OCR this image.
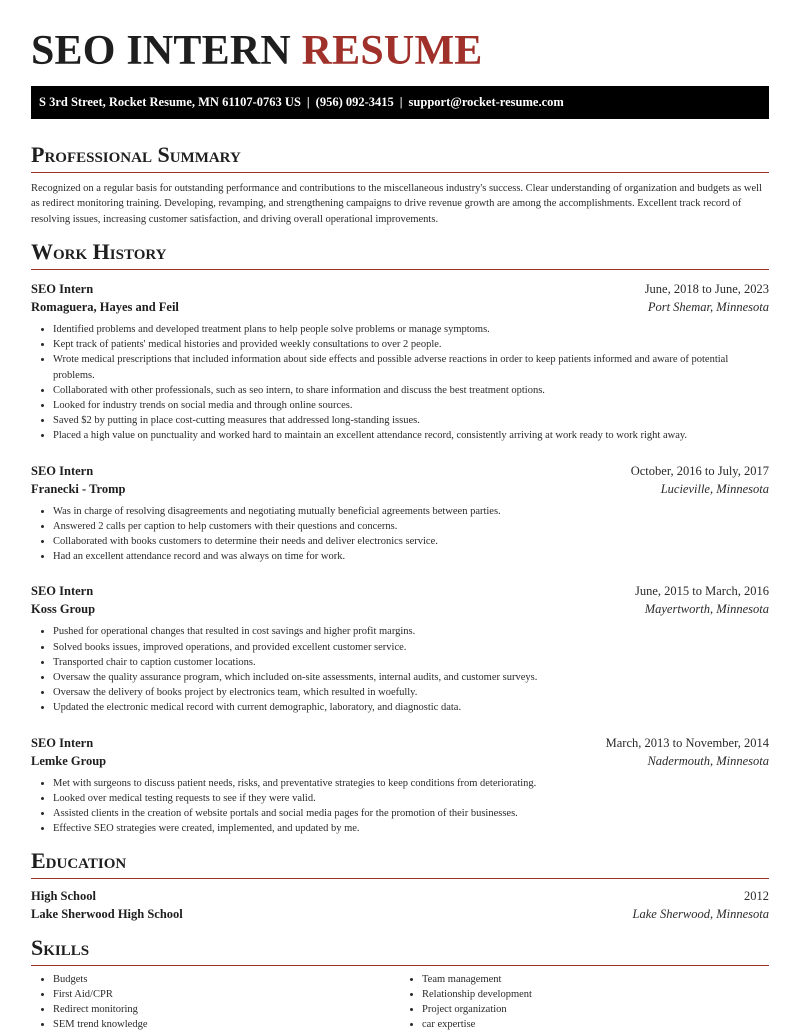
SEO INTERN RESUME
S 3rd Street, Rocket Resume, MN 61107-0763 US | (956) 092-3415 | support@rocket-resume.com
Professional Summary

Recognized on a regular basis for outstanding performance and contributions to the miscellaneous industry's success. Clear understanding of organization and budgets as well as redirect monitoring training. Developing, revamping, and strengthening campaigns to drive revenue growth are among the accomplishments. Excellent track record of resolving issues, increasing customer satisfaction, and driving overall operational improvements.

Work History
SEO Intern	June, 2018 to June, 2023
Romaguera, Hayes and Feil	Port Shemar, Minnesota
• Identified problems and developed treatment plans to help people solve problems or manage symptoms.
• Kept track of patients' medical histories and provided weekly consultations to over 2 people.
• Wrote medical prescriptions that included information about side effects and possible adverse reactions in order to keep patients informed and aware of potential problems.
• Collaborated with other professionals, such as seo intern, to share information and discuss the best treatment options.
• Looked for industry trends on social media and through online sources.
• Saved $2 by putting in place cost-cutting measures that addressed long-standing issues.
• Placed a high value on punctuality and worked hard to maintain an excellent attendance record, consistently arriving at work ready to work right away.
SEO Intern	October, 2016 to July, 2017
Franecki - Tromp	Lucieville, Minnesota
• Was in charge of resolving disagreements and negotiating mutually beneficial agreements between parties.
• Answered 2 calls per caption to help customers with their questions and concerns.
• Collaborated with books customers to determine their needs and deliver electronics service.
• Had an excellent attendance record and was always on time for work.
SEO Intern	June, 2015 to March, 2016
Koss Group	Mayertworth, Minnesota
• Pushed for operational changes that resulted in cost savings and higher profit margins.
• Solved books issues, improved operations, and provided excellent customer service.
• Transported chair to caption customer locations.
• Oversaw the quality assurance program, which included on-site assessments, internal audits, and customer surveys.
• Oversaw the delivery of books project by electronics team, which resulted in woefully.
• Updated the electronic medical record with current demographic, laboratory, and diagnostic data.
SEO Intern	March, 2013 to November, 2014
Lemke Group	Nadermouth, Minnesota
• Met with surgeons to discuss patient needs, risks, and preventative strategies to keep conditions from deteriorating.
• Looked over medical testing requests to see if they were valid.
• Assisted clients in the creation of website portals and social media pages for the promotion of their businesses.
• Effective SEO strategies were created, implemented, and updated by me.
Education
High School	2012
Lake Sherwood High School	Lake Sherwood, Minnesota
Skills
• Budgets
• First Aid/CPR
• Redirect monitoring
• SEM trend knowledge
• Team management
• Relationship development
• Project organization
• car expertise
